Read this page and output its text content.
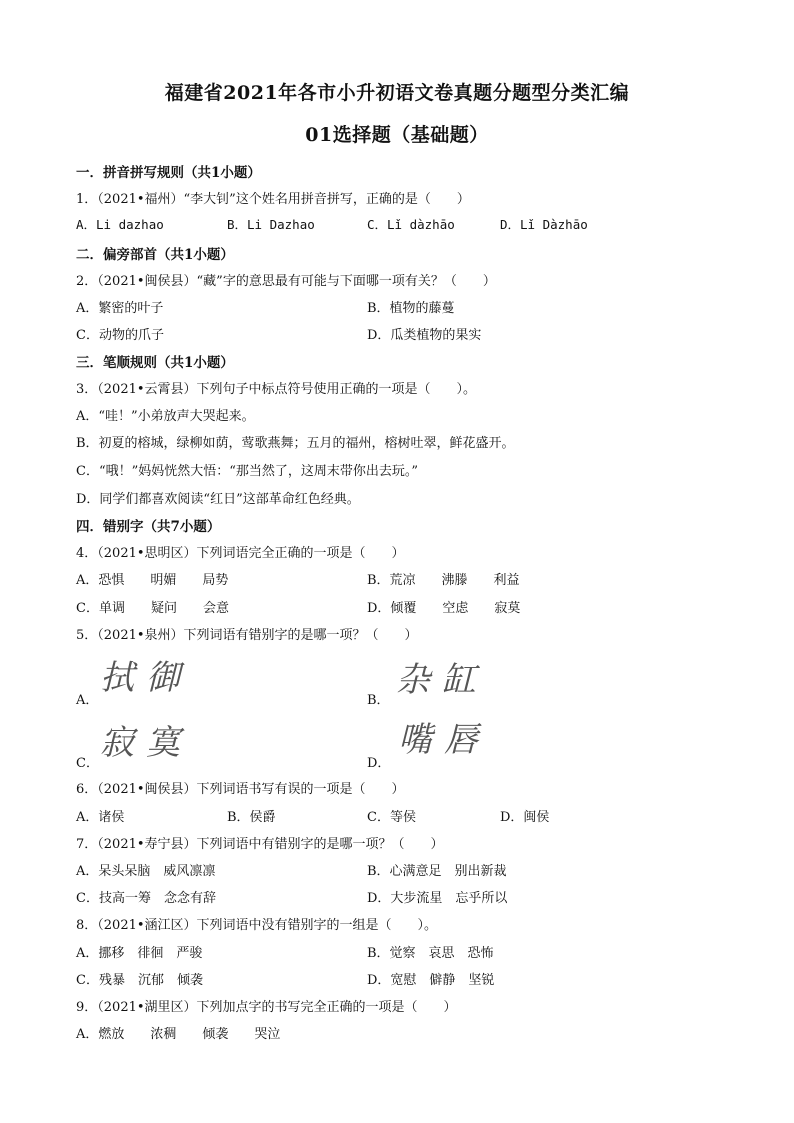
福建省2021年各市小升初语文卷真题分题型分类汇编
01选择题（基础题）
一．拼音拼写规则（共1小题）
1．（2021•福州）“李大钊”这个姓名用拼音拼写，正确的是（　　）
A．Li dazhao	B．Li Dazhao	C．Lǐ dàzhāo	D．Lǐ Dàzhāo
二．偏旁部首（共1小题）
2．（2021•闽侯县）“藏”字的意思最有可能与下面哪一项有关？（　　）
A．繁密的叶子	B．植物的藤蔓
C．动物的爪子	D．瓜类植物的果实
三．笔顺规则（共1小题）
3．（2021•云霄县）下列句子中标点符号使用正确的一项是（　　）。
A．“哇！”小弟放声大哭起来。
B．初夏的榕城，绿柳如荫，莺歌燕舞；五月的福州，榕树吐翠，鲜花盛开。
C．“哦！”妈妈恍然大悟：“那当然了，这周末带你出去玩。”
D．同学们都喜欢阅读“红日”这部革命红色经典。
四．错别字（共7小题）
4．（2021•思明区）下列词语完全正确的一项是（　　）
A．恐惧　　明媚　　局势	B．荒凉　　沸滕　　利益
C．单调　　疑问　　会意	D．倾覆　　空虑　　寂莫
5．（2021•泉州）下列词语有错别字的是哪一项？（　　）
A．
拭御
B．
杂缸
C．
寂寞
D．
嘴唇
6．（2021•闽侯县）下列词语书写有误的一项是（　　）
A．诸侯	B．侯爵	C．等侯	D．闽侯
7．（2021•寿宁县）下列词语中有错别字的是哪一项？（　　）
A．呆头呆脑　威风凛凛	B．心满意足　别出新裁
C．技高一筹　念念有辞	D．大步流星　忘乎所以
8．（2021•涵江区）下列词语中没有错别字的一组是（　　）。
A．挪移　徘徊　严骏	B．觉察　哀思　恐怖
C．残暴　沉郁　倾袭	D．宽慰　僻静　坚锐
9．（2021•湖里区）下列加点字的书写完全正确的一项是（　　）
A．燃放　　浓稠　　倾袭　　哭泣
